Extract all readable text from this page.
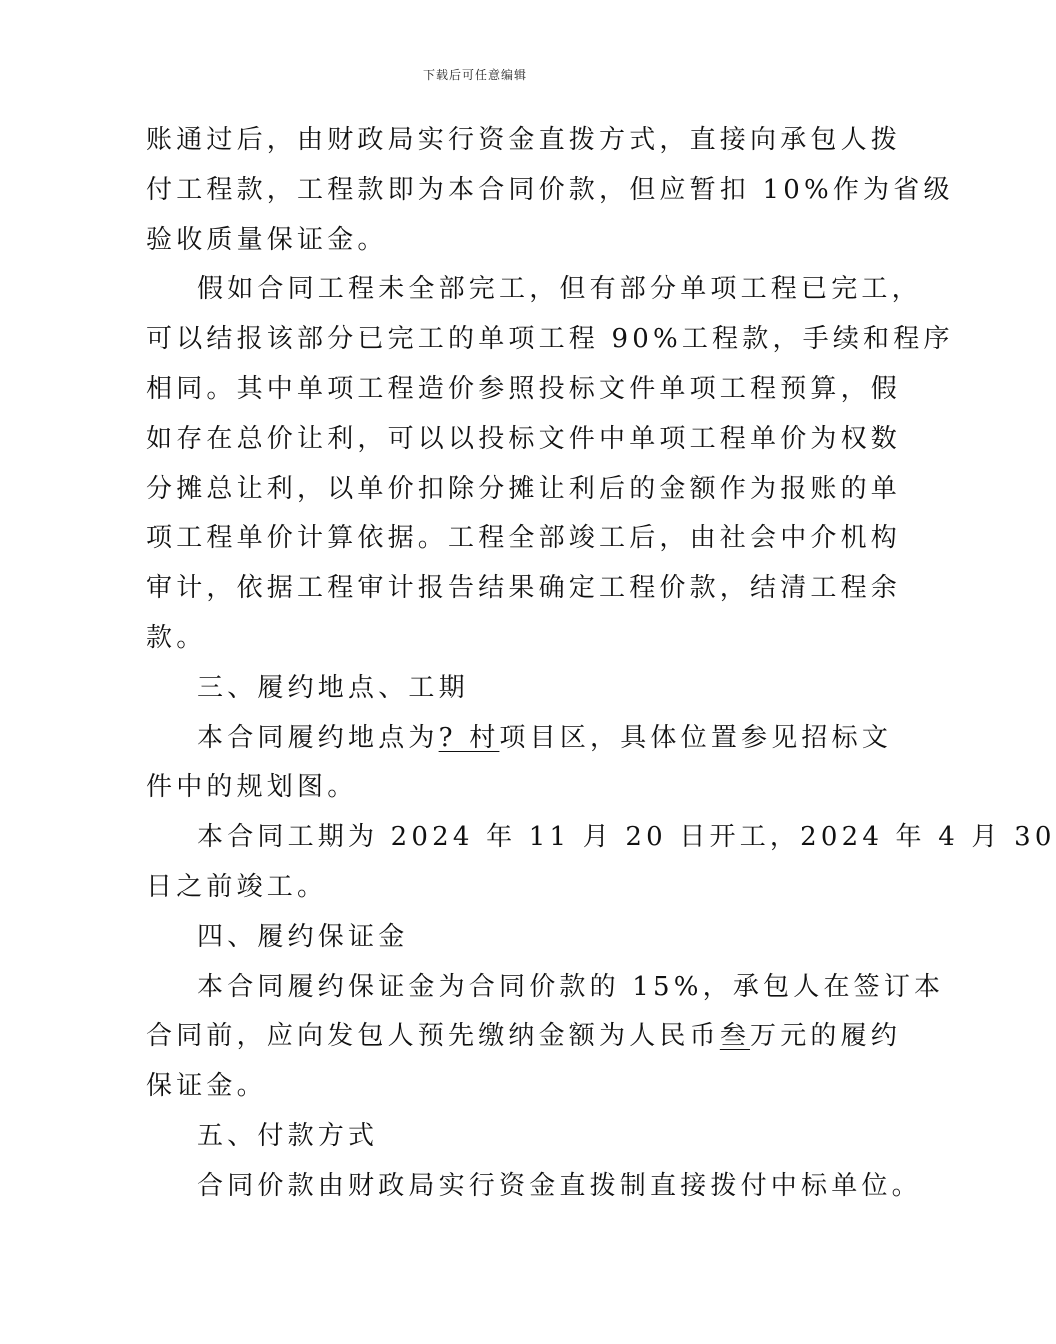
下载后可任意编辑
账通过后，由财政局实行资金直拨方式，直接向承包人拨
付工程款，工程款即为本合同价款，但应暂扣 10%作为省级
验收质量保证金。
假如合同工程未全部完工，但有部分单项工程已完工，
可以结报该部分已完工的单项工程 90%工程款，手续和程序
相同。其中单项工程造价参照投标文件单项工程预算，假
如存在总价让利，可以以投标文件中单项工程单价为权数
分摊总让利，以单价扣除分摊让利后的金额作为报账的单
项工程单价计算依据。工程全部竣工后，由社会中介机构
审计，依据工程审计报告结果确定工程价款，结清工程余
款。
三、履约地点、工期
本合同履约地点为? 村项目区，具体位置参见招标文
件中的规划图。
本合同工期为 2024 年 11 月 20 日开工，2024 年 4 月 30
日之前竣工。
四、履约保证金
本合同履约保证金为合同价款的 15%，承包人在签订本
合同前，应向发包人预先缴纳金额为人民币叁万元的履约
保证金。
五、付款方式
合同价款由财政局实行资金直拨制直接拨付中标单位。
